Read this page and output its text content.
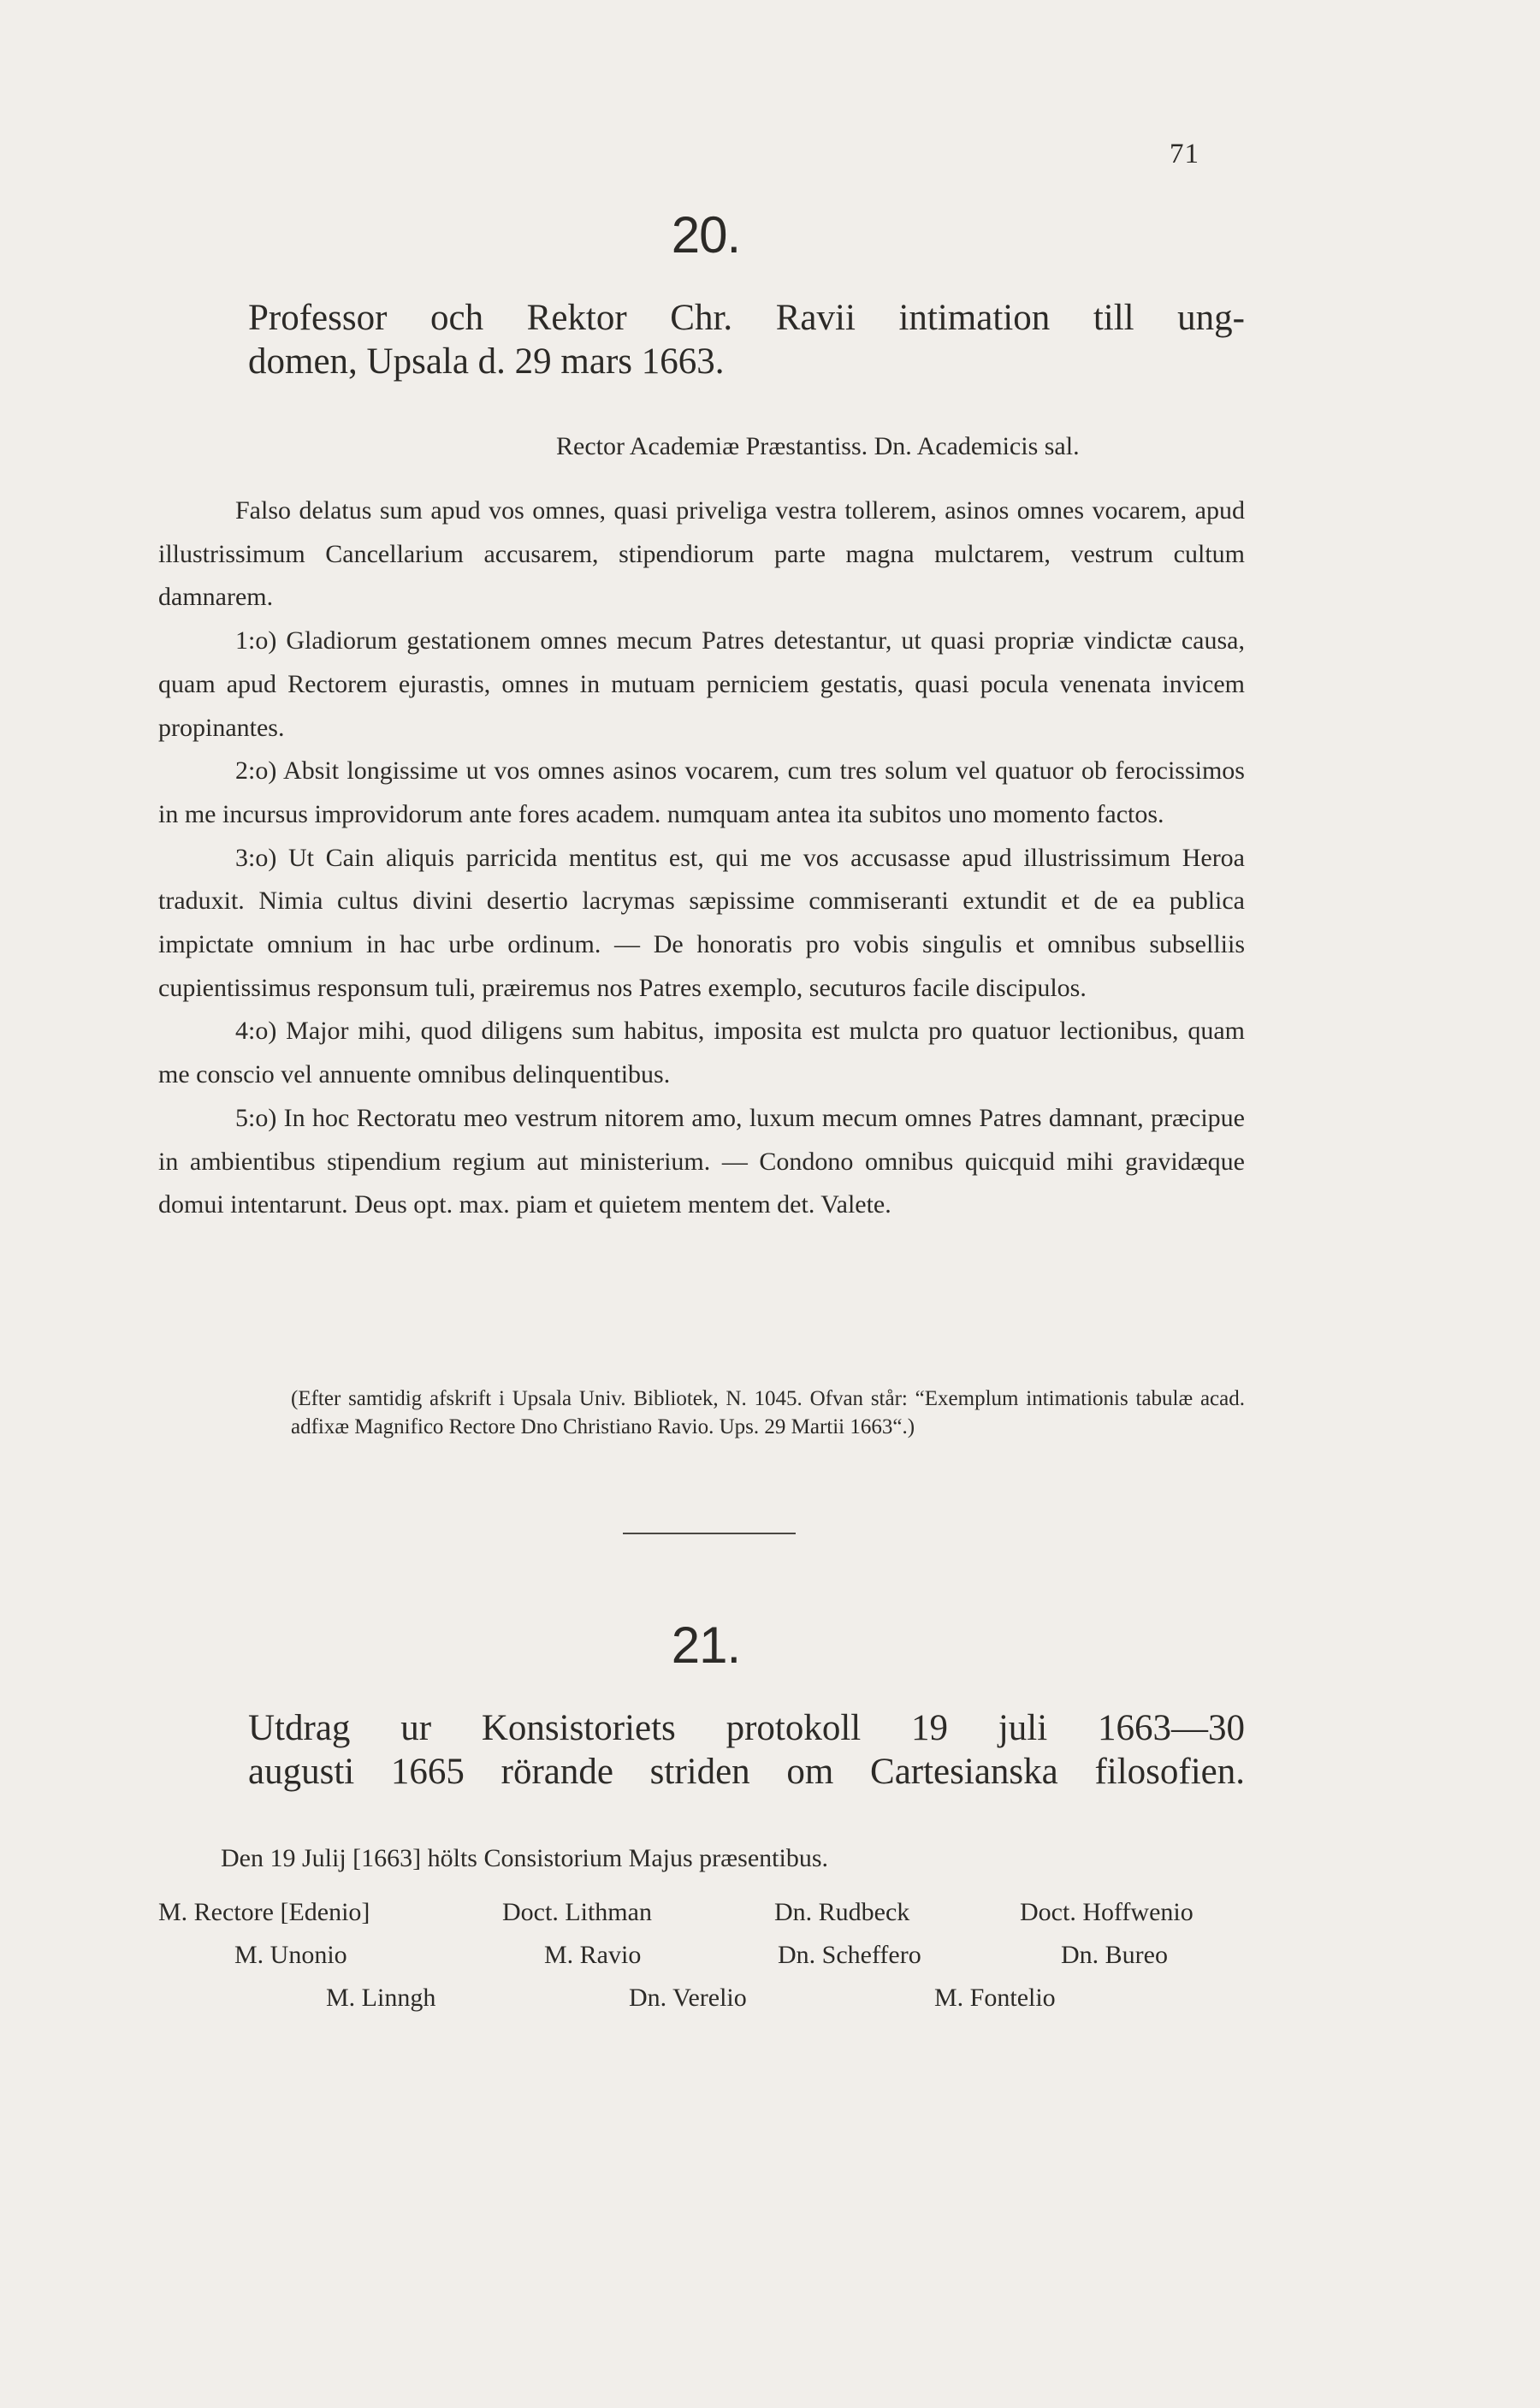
71
20.

Professor och Rektor Chr. Ravii intimation till ung-

domen, Upsala d. 29 mars 1663.

Rector Academiæ Præstantiss. Dn. Academicis sal.

Falso delatus sum apud vos omnes, quasi priveliga vestra tollerem, asinos omnes vocarem, apud illustrissimum Cancellarium accusarem, stipendiorum parte magna mulctarem, vestrum cultum damnarem.

1:o) Gladiorum gestationem omnes mecum Patres detestantur, ut quasi propriæ vindictæ causa, quam apud Rectorem ejurastis, omnes in mutuam perniciem gestatis, quasi pocula venenata invicem propinantes.

2:o) Absit longissime ut vos omnes asinos vocarem, cum tres solum vel quatuor ob ferocissimos in me incursus improvidorum ante fores academ. numquam antea ita subitos uno momento factos.

3:o) Ut Cain aliquis parricida mentitus est, qui me vos accusasse apud illustrissimum Heroa traduxit. Nimia cultus divini desertio lacrymas sæpissime commiseranti extundit et de ea publica impictate omnium in hac urbe ordinum. — De honoratis pro vobis singulis et omnibus subselliis cupientissimus responsum tuli, præiremus nos Patres exemplo, secuturos facile discipulos.

4:o) Major mihi, quod diligens sum habitus, imposita est mulcta pro quatuor lectionibus, quam me conscio vel annuente omnibus delinquentibus.

5:o) In hoc Rectoratu meo vestrum nitorem amo, luxum mecum omnes Patres damnant, præcipue in ambientibus stipendium regium aut ministerium. — Condono omnibus quicquid mihi gravidæque domui intentarunt. Deus opt. max. piam et quietem mentem det. Valete.

(Efter samtidig afskrift i Upsala Univ. Bibliotek, N. 1045. Ofvan står: “Exemplum intimationis tabulæ acad. adfixæ Magnifico Rectore Dno Christiano Ravio. Ups. 29 Martii 1663“.)
21.

Utdrag ur Konsistoriets protokoll 19 juli 1663—30

augusti 1665 rörande striden om Cartesianska filosofien.

Den 19 Julij [1663] hölts Consistorium Majus præsentibus.
M. Rectore [Edenio]	Doct. Lithman	Dn. Rudbeck	Doct. Hoffwenio
M. Unonio	M. Ravio	Dn. Scheffero	Dn. Bureo
M. Linngh	Dn. Verelio	M. Fontelio
